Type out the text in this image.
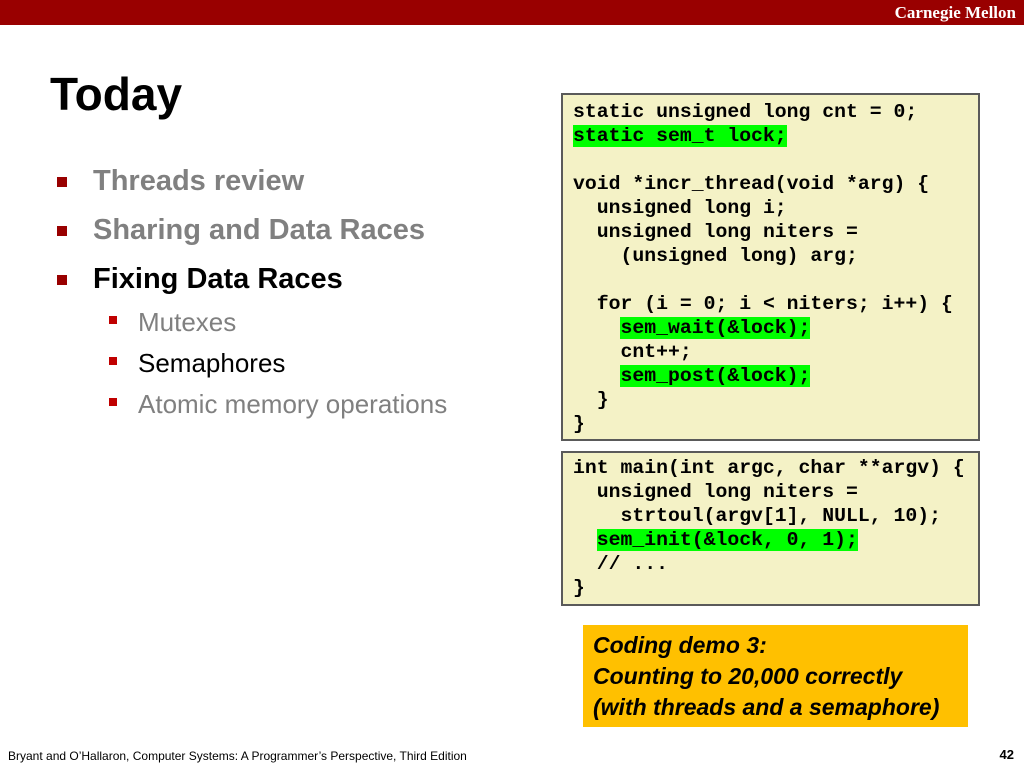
Carnegie Mellon
Today
Threads review
Sharing and Data Races
Fixing Data Races
Mutexes
Semaphores
Atomic memory operations
static unsigned long cnt = 0;
static sem_t lock;
void *incr_thread(void *arg) {
unsigned long i;
unsigned long niters =
(unsigned long) arg;
for (i = 0; i < niters; i++) {
sem_wait(&lock);
cnt++;
sem_post(&lock);
}
}
int main(int argc, char **argv) {
unsigned long niters =
strtoul(argv[1], NULL, 10);
sem_init(&lock, 0, 1);
// ...
}
Coding demo 3:
Counting to 20,000 correctly
(with threads and a semaphore)
Bryant and O’Hallaron, Computer Systems: A Programmer’s Perspective, Third Edition	42
